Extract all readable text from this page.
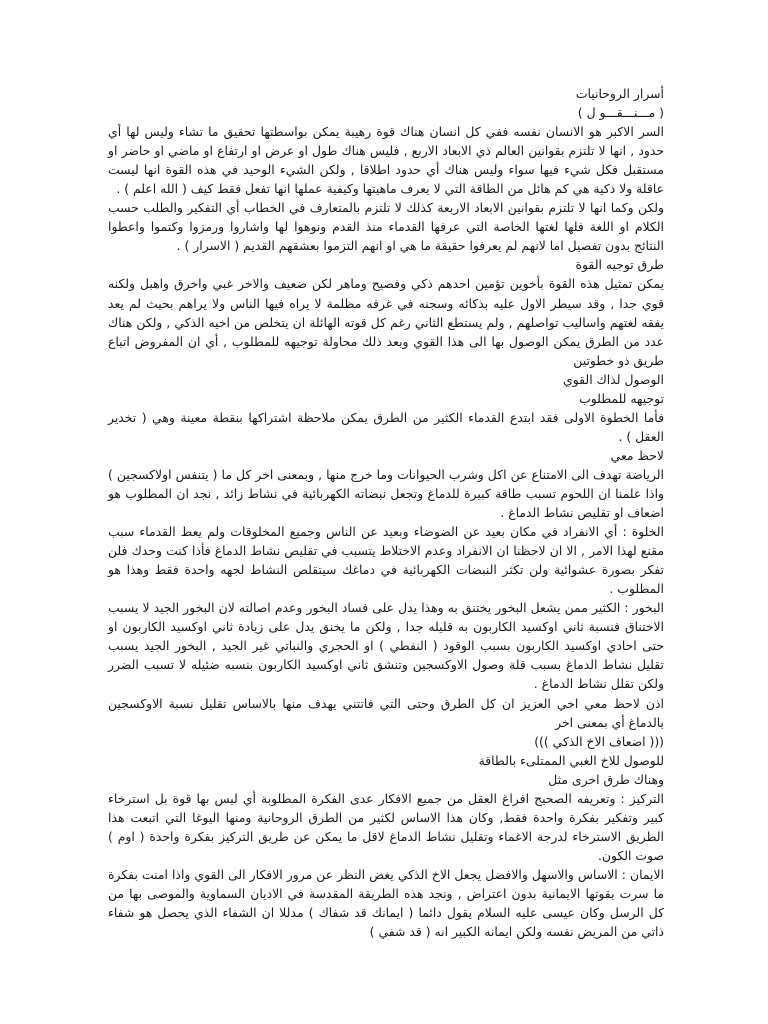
أسرار الروحانيات

( مـــنـــقـــو ل )

السر الاكبر هو الانسان نفسه ففي كل انسان هناك قوة رهيبة يمكن بواسطتها تحقيق ما تشاء وليس لها أي حدود , انها لا تلتزم بقوانين العالم ذي الابعاد الاربع , فليس هناك طول او عرض او ارتفاع او ماضي او حاضر او مستقبل فكل شيء فيها سواء وليس هناك أي حدود اطلاقا , ولكن الشيء الوحيد في هذه القوة انها ليست عاقلة ولا ذكية هي كم هائل من الطاقة التي لا يعرف ماهيتها وكيفية عملها انها تفعل فقط كيف ( الله اعلم ) .

ولكن وكما انها لا تلتزم بقوانين الابعاد الاربعة كذلك لا تلتزم بالمتعارف في الخطاب أي التفكير والطلب حسب الكلام او اللغة فلها لغتها الخاصة التي عرفها القدماء منذ القدم ونوهوا لها واشاروا ورمزوا وكتموا واعطوا النتائج بدون تفصيل اما لانهم لم يعرفوا حقيقة ما هي او انهم التزموا بعشقهم القديم ( الاسرار ) .

طرق توجيه القوة

يمكن تمثيل هذه القوة بأخوين تؤمين احدهم ذكي وفصيح وماهر لكن ضعيف والاخر غبي واخرق واهبل ولكنه قوي جدا , وقد سيطر الاول عليه بذكائه وسجنه في غرفه مظلمة لا يراه فيها الناس ولا يراهم بحيث لم يعد يفقه لغتهم واساليب تواصلهم , ولم يستطع الثاني رغم كل قوته الهائلة ان يتخلص من اخيه الذكي , ولكن هناك عدد من الطرق يمكن الوصول بها الى هذا القوي وبعد ذلك محاولة توجيهه للمطلوب , أي ان المفروض اتباع طريق ذو خطوتين

الوصول لذاك القوي

توجيهه للمطلوب

فأما الخطوة الاولى فقد ابتدع القدماء الكثير من الطرق يمكن ملاحظة اشتراكها بنقطة معينة وهي ( تخدير العقل ) .

لاحظ معي

الرياضة تهدف الى الامتناع عن اكل وشرب الحيوانات وما خرج منها , وبمعنى اخر كل ما ( يتنفس اولاكسجين ) واذا علمنا ان اللحوم تسبب طاقة كبيرة للدماغ وتجعل نبضاته الكهربائية في نشاط زائد , نجد ان المطلوب هو اضعاف او تقليص نشاط الدماغ .

الخلوة : أي الانفراد في مكان بعيد عن الضوضاء وبعيد عن الناس وجميع المخلوقات ولم يعط القدماء سبب مقنع لهذا الامر , الا ان لاحظنا ان الانفراد وعدم الاختلاط يتسبب في تقليص نشاط الدماغ فأذا كنت وحدك فلن تفكر بصورة عشوائية ولن تكثر النبضات الكهربائية في دماغك سيتقلص النشاط لجهه واحدة فقط وهذا هو المطلوب .

البخور : الكثير ممن يشعل البخور يختنق به وهذا يدل على فساد البخور وعدم اصالته لان البخور الجيد لا يسبب الاختناق فنسبة ثاني اوكسيد الكاربون به قليله جدا , ولكن ما يخنق يدل على زيادة ثاني اوكسيد الكاربون او حتى احادي اوكسيد الكاربون بسبب الوقود ( النفطي ) او الحجري والنباتي غير الجيد , البخور الجيد يسبب تقليل نشاط الدماغ بسبب قلة وصول الاوكسجين وتنشق ثاني اوكسيد الكاربون بنسبه ضئيله لا تسبب الضرر ولكن تقلل نشاط الدماغ .

اذن لاحظ معي اخي العزيز ان كل الطرق وحتى التي فاتتني يهدف منها بالاساس تقليل نسبة الاوكسجين بالدماغ أي بمعنى اخر

((( اضعاف الاخ الذكي )))

للوصول للاخ الغبي الممتلىء بالطاقة

وهناك طرق اخرى مثل

التركيز : وتعريفه الصحيح افراغ العقل من جميع الافكار عدى الفكرة المطلوبة أي ليس بها قوة بل استرخاء كبير وتفكير بفكرة واحدة فقط, وكان هذا الاساس لكثير من الطرق الروحانية ومنها اليوغا التي اتبعت هذا الطريق الاسترخاء لدرجة الاغماء وتقليل نشاط الدماغ لاقل ما يمكن عن طريق التركيز بفكرة واحدة ( اوم ) صوت الكون.

الايمان : الاساس والاسهل والافضل يجعل الاخ الذكي يغض النظر عن مرور الافكار الى القوي واذا امنت بفكرة ما سرت بقوتها الايمانية بدون اعتراض , ونجد هذه الطريقة المقدسة في الاديان السماوية والموصى بها من كل الرسل وكان عيسى عليه السلام يقول دائما ( ايمانك قد شفاك ) مدللا ان الشفاء الذي يحصل هو شفاء ذاتي من المريض نفسه ولكن ايمانه الكبير انه ( قد شفي )
